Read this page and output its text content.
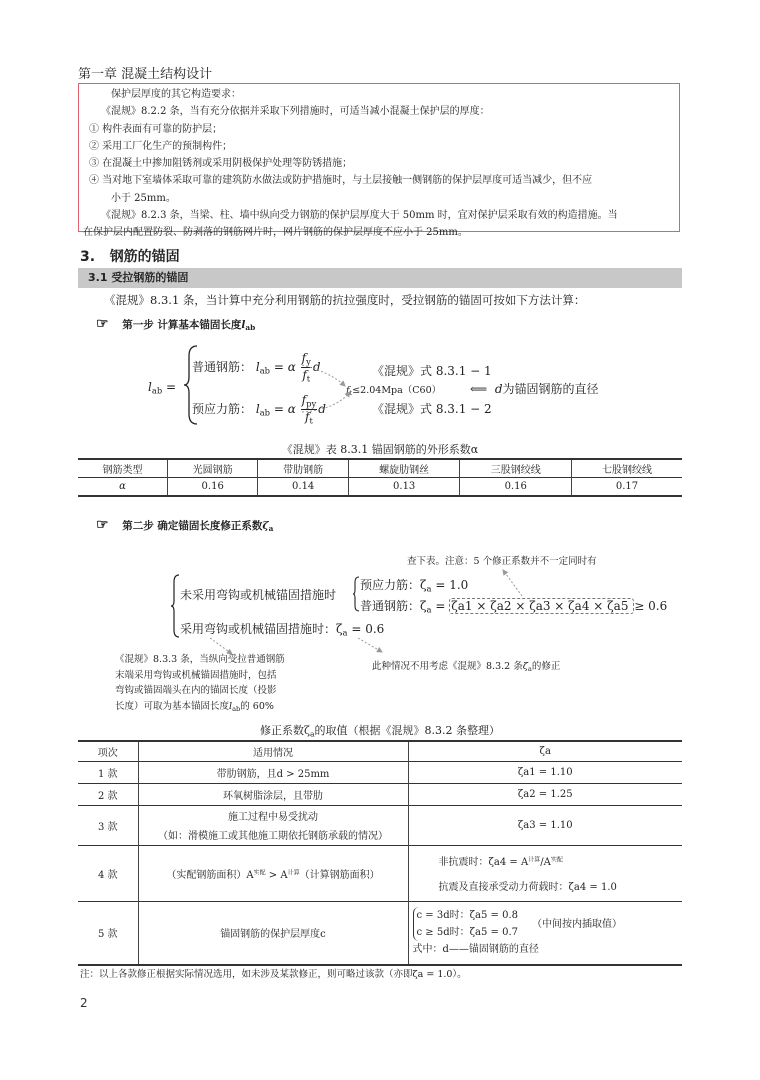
第一章 混凝土结构设计

保护层厚度的其它构造要求：

《混规》8.2.2 条，当有充分依据并采取下列措施时，可适当减小混凝土保护层的厚度：

① 构件表面有可靠的防护层；

② 采用工厂化生产的预制构件；

③ 在混凝土中掺加阻锈剂或采用阴极保护处理等防锈措施；

④ 当对地下室墙体采取可靠的建筑防水做法或防护措施时，与土层接触一侧钢筋的保护层厚度可适当减少，但不应

小于 25mm。

《混规》8.2.3 条，当梁、柱、墙中纵向受力钢筋的保护层厚度大于 50mm 时，宜对保护层采取有效的构造措施。当

在保护层内配置防裂、防剥落的钢筋网片时，网片钢筋的保护层厚度不应小于 25mm。

3. 钢筋的锚固
3.1 受拉钢筋的锚固
《混规》8.3.1 条，当计算中充分利用钢筋的抗拉强度时，受拉钢筋的锚固可按如下方法计算：
☞ 第一步 计算基本锚固长度$l_{ab}$
$l_{ab}$ =
普通钢筋： $l_{ab} = \alpha \frac{f_y}{f_t}$ d	《混规》式 8.3.1 − 1
预应力筋： $l_{ab} = \alpha \frac{f_{py}}{f_t}$ d	《混规》式 8.3.1 − 2
$f_t\le 2.04Mpa(C60)$ ⟸ d为锚固钢筋的直径
《混规》表 8.3.1 锚固钢筋的外形系数α
钢筋类型	光圆钢筋	带肋钢筋	螺旋肋钢丝	三股钢绞线	七股钢绞线
α	0.16	0.14	0.13	0.16	0.17
☞ 第二步 确定锚固长度修正系数$\zeta_a$
查下表。注意：5 个修正系数并不一定同时有
未采用弯钩或机械锚固措施时
预应力筋：$\zeta_a = 1.0$
普通钢筋：$\zeta_a = \zeta a1 \times \zeta a2 \times \zeta a3 \times \zeta a4 \times \zeta a5 \ge 0.6$
采用弯钩或机械锚固措施时：$\zeta_a = 0.6$
《混规》8.3.3 条，当纵向受拉普通钢筋
末端采用弯钩或机械锚固措施时，包括
弯钩或锚固端头在内的锚固长度（投影
长度）可取为基本锚固长度$l_{ab}$的 60%
此种情况不用考虑《混规》8.3.2 条$\zeta_a$的修正
修正系数$\zeta_a$的取值（根据《混规》8.3.2 条整理）
项次	适用情况	ζa
1 款	带肋钢筋，且d > 25mm	ζa1 = 1.10
2 款	环氧树脂涂层，且带肋	ζa2 = 1.25
3 款	施工过程中易受扰动
（如：滑模施工或其他施工期依托钢筋承载的情况）	ζa3 = 1.10
4 款	（实配钢筋面积）$A^{实配} > A^{计算}$（计算钢筋面积）	非抗震时：$\zeta a4 = A^{计算}/A^{实配}$
抗震及直接承受动力荷载时：ζa4 = 1.0

5 款	锚固钢筋的保护层厚度c	c = 3d时：ζa5 = 0.8
c ≥ 5d时：ζa5 = 0.7
（中间按内插取值）
式中：d——锚固钢筋的直径
注：以上各款修正根据实际情况选用，如未涉及某款修正，则可略过该款（亦即ζa = 1.0）。
2
